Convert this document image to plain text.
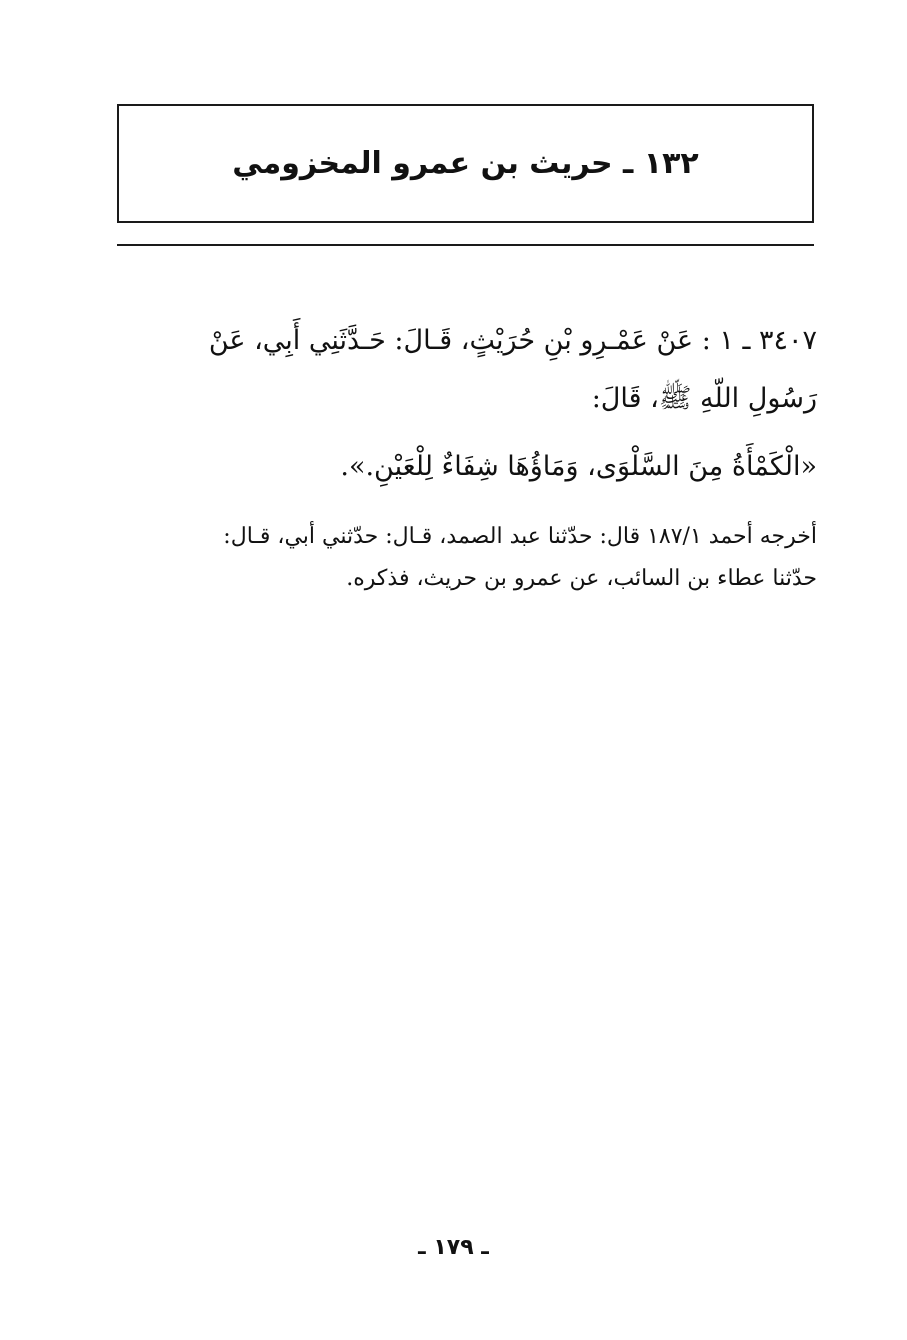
١٣٢ ـ حريث بن عمرو المخزومي
٣٤٠٧ ـ ١ : عَنْ عَمْـرِو بْنِ حُرَيْثٍ، قَـالَ: حَـدَّثَنِي أَبِي، عَنْ
رَسُولِ اللّهِ ﷺ، قَالَ:
«الْكَمْأَةُ مِنَ السَّلْوَى، وَمَاؤُهَا شِفَاءٌ لِلْعَيْنِ.».
أخرجه أحمد ١٨٧/١ قال: حدّثنا عبد الصمد، قـال: حدّثني أبي، قـال:
حدّثنا عطاء بن السائب، عن عمرو بن حريث، فذكره.
ـ ١٧٩ ـ
